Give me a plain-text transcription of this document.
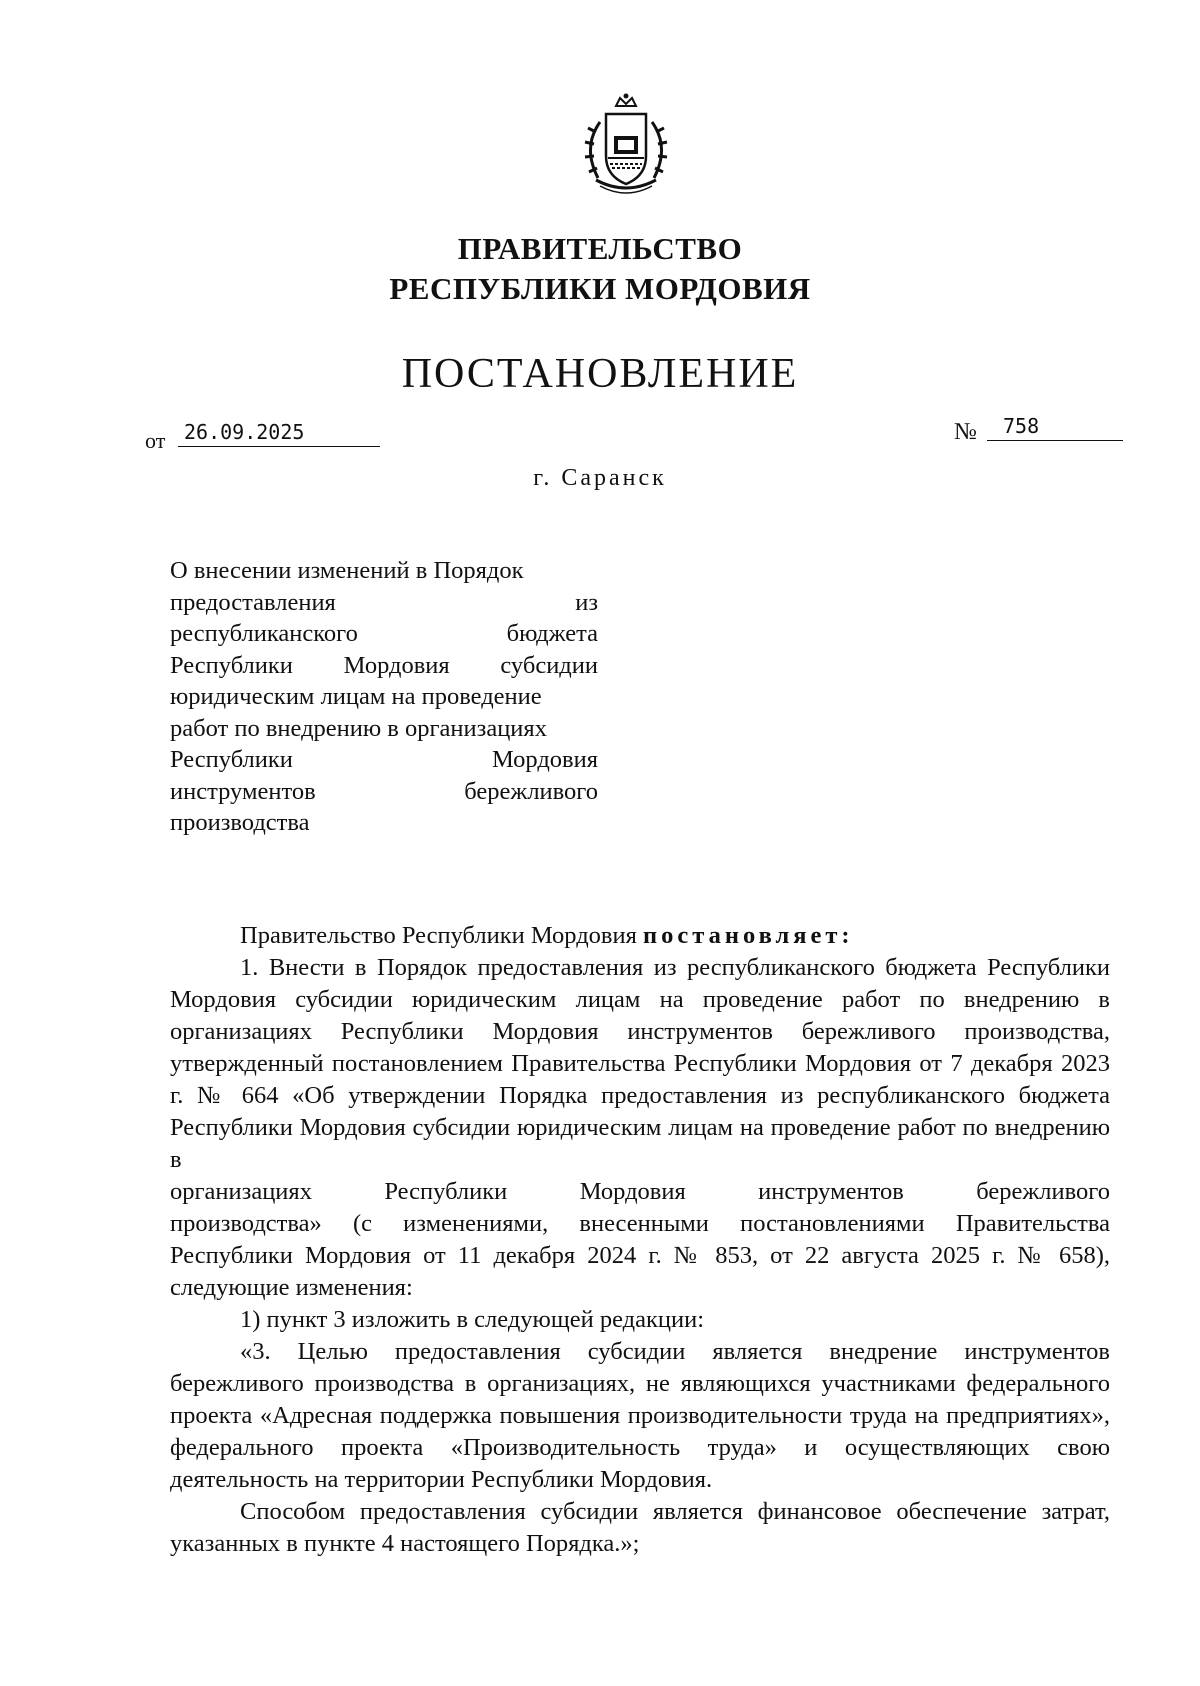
ПРАВИТЕЛЬСТВО
РЕСПУБЛИКИ МОРДОВИЯ
ПОСТАНОВЛЕНИЕ
от 26.09.2025	№	758
г. Саранск
О внесении изменений в Порядок
предоставления	из
республиканского	бюджета
Республики Мордовия субсидии
юридическим лицам на проведение
работ по внедрению в организациях
Республики	Мордовия
инструментов	бережливого
производства

Правительство Республики Мордовия постановляет:

1. Внести в Порядок предоставления из республиканского бюджета Республики Мордовия субсидии юридическим лицам на проведение работ по внедрению в организациях Республики Мордовия инструментов бережливого производства, утвержденный постановлением Правительства Республики Мордовия от 7 декабря 2023 г. № 664 «Об утверждении Порядка предоставления из республиканского бюджета Республики Мордовия субсидии юридическим лицам на проведение работ по внедрению в

организациях	Республики	Мордовия	инструментов	бережливого

производства» (с изменениями, внесенными постановлениями Правительства Республики Мордовия от 11 декабря 2024 г. № 853, от 22 августа 2025 г. № 658), следующие изменения:

1) пункт 3 изложить в следующей редакции:

«3. Целью предоставления субсидии является внедрение инструментов бережливого производства в организациях, не являющихся участниками федерального проекта «Адресная поддержка повышения производительности труда на предприятиях», федерального проекта «Производительность труда» и осуществляющих свою деятельность на территории Республики Мордовия.

Способом предоставления субсидии является финансовое обеспечение затрат, указанных в пункте 4 настоящего Порядка.»;
